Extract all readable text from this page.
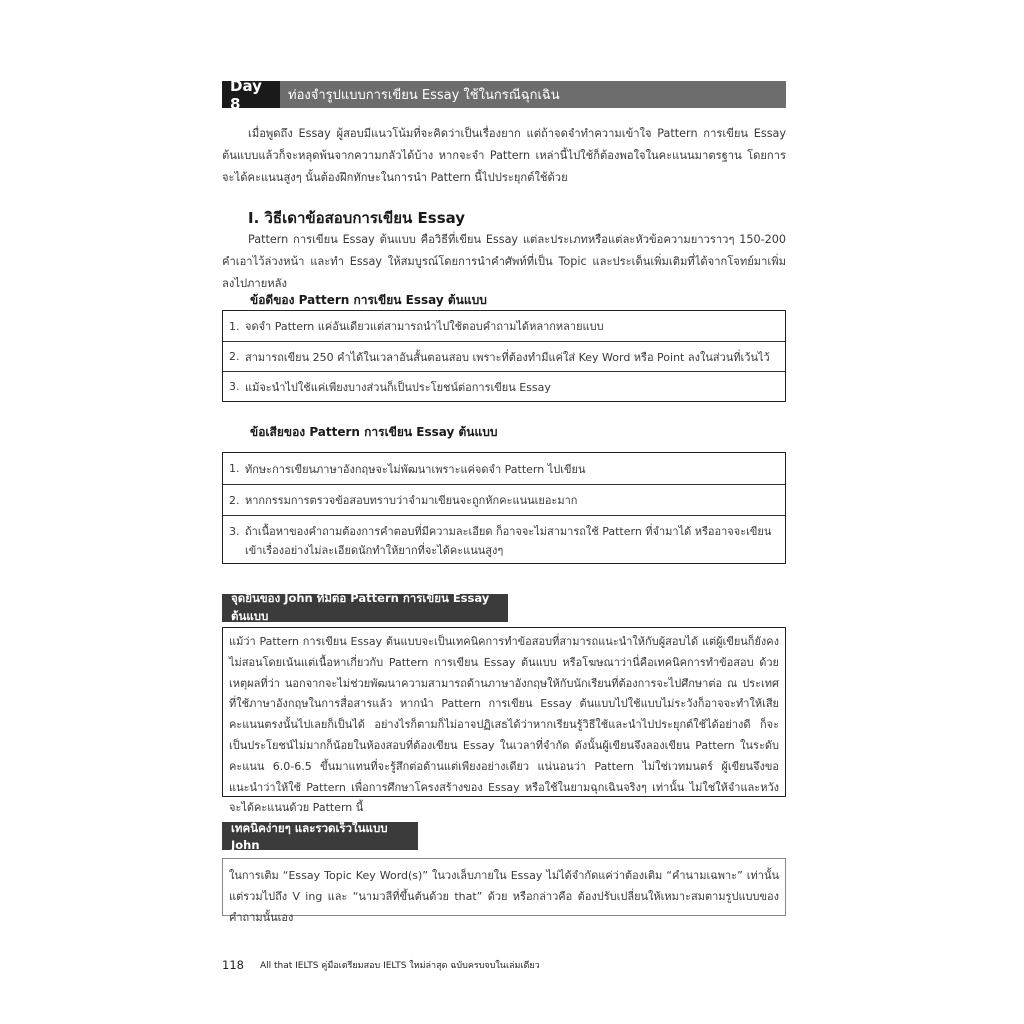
Day 8	ท่องจำรูปแบบการเขียน Essay ใช้ในกรณีฉุกเฉิน

เมื่อพูดถึง Essay ผู้สอบมีแนวโน้มที่จะคิดว่าเป็นเรื่องยาก แต่ถ้าจดจำทำความเข้าใจ Pattern การเขียน Essay ต้นแบบแล้วก็จะหลุดพ้นจากความกลัวได้บ้าง หากจะจำ Pattern เหล่านี้ไปใช้ก็ต้องพอใจในคะแนนมาตรฐาน โดยการจะได้คะแนนสูงๆ นั้นต้องฝึกทักษะในการนำ Pattern นี้ไปประยุกต์ใช้ด้วย

I. วิธีเดาข้อสอบการเขียน Essay

Pattern การเขียน Essay ต้นแบบ คือวิธีที่เขียน Essay แต่ละประเภทหรือแต่ละหัวข้อความยาวราวๆ 150-200 คำเอาไว้ล่วงหน้า และทำ Essay ให้สมบูรณ์โดยการนำคำศัพท์ที่เป็น Topic และประเด็นเพิ่มเติมที่ได้จากโจทย์มาเพิ่มลงไปภายหลัง

ข้อดีของ Pattern การเขียน Essay ต้นแบบ
1. จดจำ Pattern แค่อันเดียวแต่สามารถนำไปใช้ตอบคำถามได้หลากหลายแบบ
2. สามารถเขียน 250 คำได้ในเวลาอันสั้นตอนสอบ เพราะที่ต้องทำมีแค่ใส่ Key Word หรือ Point ลงในส่วนที่เว้นไว้
3. แม้จะนำไปใช้แค่เพียงบางส่วนก็เป็นประโยชน์ต่อการเขียน Essay
ข้อเสียของ Pattern การเขียน Essay ต้นแบบ
1. ทักษะการเขียนภาษาอังกฤษจะไม่พัฒนาเพราะแค่จดจำ Pattern ไปเขียน
2. หากกรรมการตรวจข้อสอบทราบว่าจำมาเขียนจะถูกหักคะแนนเยอะมาก
3. ถ้าเนื้อหาของคำถามต้องการคำตอบที่มีความละเอียด ก็อาจจะไม่สามารถใช้ Pattern ที่จำมาได้ หรืออาจจะเขียนเข้าเรื่องอย่างไม่ละเอียดนักทำให้ยากที่จะได้คะแนนสูงๆ
จุดยืนของ John ที่มีต่อ Pattern การเขียน Essay ต้นแบบ
แม้ว่า Pattern การเขียน Essay ต้นแบบจะเป็นเทคนิคการทำข้อสอบที่สามารถแนะนำให้กับผู้สอบได้ แต่ผู้เขียนก็ยังคงไม่สอนโดยเน้นแต่เนื้อหาเกี่ยวกับ Pattern การเขียน Essay ต้นแบบ หรือโฆษณาว่านี่คือเทคนิคการทำข้อสอบ ด้วยเหตุผลที่ว่า นอกจากจะไม่ช่วยพัฒนาความสามารถด้านภาษาอังกฤษให้กับนักเรียนที่ต้องการจะไปศึกษาต่อ ณ ประเทศที่ใช้ภาษาอังกฤษในการสื่อสารแล้ว หากนำ Pattern การเขียน Essay ต้นแบบไปใช้แบบไม่ระวังก็อาจจะทำให้เสียคะแนนตรงนั้นไปเลยก็เป็นได้ อย่างไรก็ตามก็ไม่อาจปฏิเสธได้ว่าหากเรียนรู้วิธีใช้และนำไปประยุกต์ใช้ได้อย่างดี ก็จะเป็นประโยชน์ไม่มากก็น้อยในห้องสอบที่ต้องเขียน Essay ในเวลาที่จำกัด ดังนั้นผู้เขียนจึงลองเขียน Pattern ในระดับคะแนน 6.0-6.5 ขึ้นมาแทนที่จะรู้สึกต่อต้านแต่เพียงอย่างเดียว แน่นอนว่า Pattern ไม่ใช่เวทมนตร์ ผู้เขียนจึงขอแนะนำว่าให้ใช้ Pattern เพื่อการศึกษาโครงสร้างของ Essay หรือใช้ในยามฉุกเฉินจริงๆ เท่านั้น ไม่ใช่ให้จำและหวังจะได้คะแนนด้วย Pattern นี้
เทคนิคง่ายๆ และรวดเร็วในแบบ John
ในการเติม “Essay Topic Key Word(s)” ในวงเล็บภายใน Essay ไม่ได้จำกัดแค่ว่าต้องเติม “คำนามเฉพาะ” เท่านั้น แต่รวมไปถึง V ing และ “นามวลีที่ขึ้นต้นด้วย that” ด้วย หรือกล่าวคือ ต้องปรับเปลี่ยนให้เหมาะสมตามรูปแบบของคำถามนั้นเอง
118 All that IELTS คู่มือเตรียมสอบ IELTS ใหม่ล่าสุด ฉบับครบจบในเล่มเดียว
